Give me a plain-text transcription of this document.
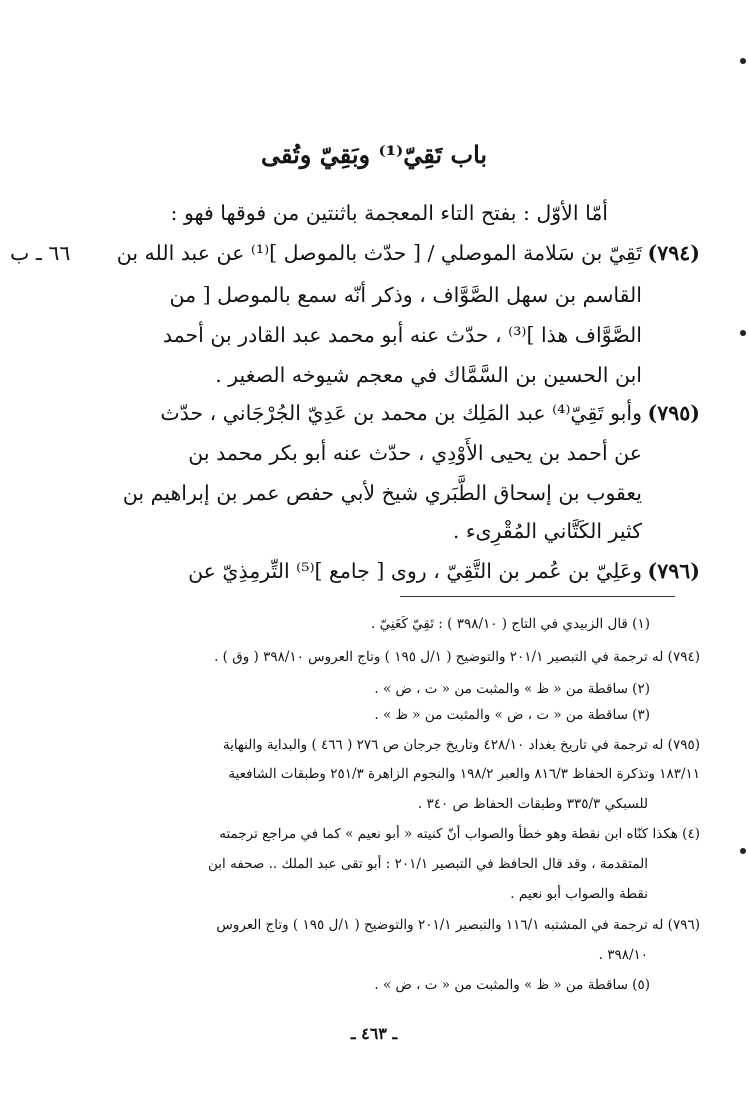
باب تَقِيّ⁽¹⁾ وبَقِيّ وتُقى
أمّا الأوّل : بفتح التاء المعجمة باثنتين من فوقها فهو :
(٧٩٤)
٦٦ ـ ب تَقِيّ بن سَلامة الموصلي / [ حدّث بالموصل ]⁽¹⁾ عن عبد الله بن
القاسم بن سهل الصَّوَّاف ، وذكر أنّه سمع بالموصل [ من
الصَّوَّاف هذا ]⁽³⁾ ، حدّث عنه أبو محمد عبد القادر بن أحمد
ابن الحسين بن السَّمَّاك في معجم شيوخه الصغير .
(٧٩٥)
وأبو تَقِيّ⁽⁴⁾ عبد المَلِك بن محمد بن عَدِيّ الجُرْجَاني ، حدّث
عن أحمد بن يحيى الأَوْدِي ، حدّث عنه أبو بكر محمد بن
يعقوب بن إسحاق الطَّبَري شيخ لأبي حفص عمر بن إبراهيم بن
كثير الكَتَّاني المُقْرِىء .
(٧٩٦)
وعَلِيّ بن عُمر بن التَّقِيّ ، روى [ جامع ]⁽⁵⁾ التِّرمِذِيّ عن
(١) قال الزبيدي في التاج ( ٣٩٨/١٠ ) : تَقِيّ كَغَنِيّ .
(٧٩٤) له ترجمة في التبصير ٢٠١/١ والتوضيح ( ١/ل ١٩٥ ) وتاج العروس ٣٩٨/١٠ ( وق ) .
(٢) ساقطة من « ظ » والمثبت من « ت ، ض » .
(٣) ساقطة من « ت ، ض » والمثبت من « ظ » .
(٧٩٥) له ترجمة في تاريخ بغداد ٤٢٨/١٠ وتاريخ جرجان ص ٢٧٦ ( ٤٦٦ ) والبداية والنهاية
١٨٣/١١ وتذكرة الحفاظ ٨١٦/٣ والعبر ١٩٨/٢ والنجوم الزاهرة ٢٥١/٣ وطبقات الشافعية
للسبكي ٣٣٥/٣ وطبقات الحفاظ ص ٣٤٠ .
(٤) هكذا كنّاه ابن نقطة وهو خطأ والصواب أنّ كنيته « أبو نعيم » كما في مراجع ترجمته
المتقدمة ، وقد قال الحافظ في التبصير ٢٠١/١ : أبو تقى عبد الملك .. صحفه ابن
نقطة والصواب أبو نعيم .
(٧٩٦) له ترجمة في المشتبه ١١٦/١ والتبصير ٢٠١/١ والتوضيح ( ١/ل ١٩٥ ) وتاج العروس
٣٩٨/١٠ .
(٥) ساقطة من « ظ » والمثبت من « ت ، ض » .
ـ ٤٦٣ ـ
